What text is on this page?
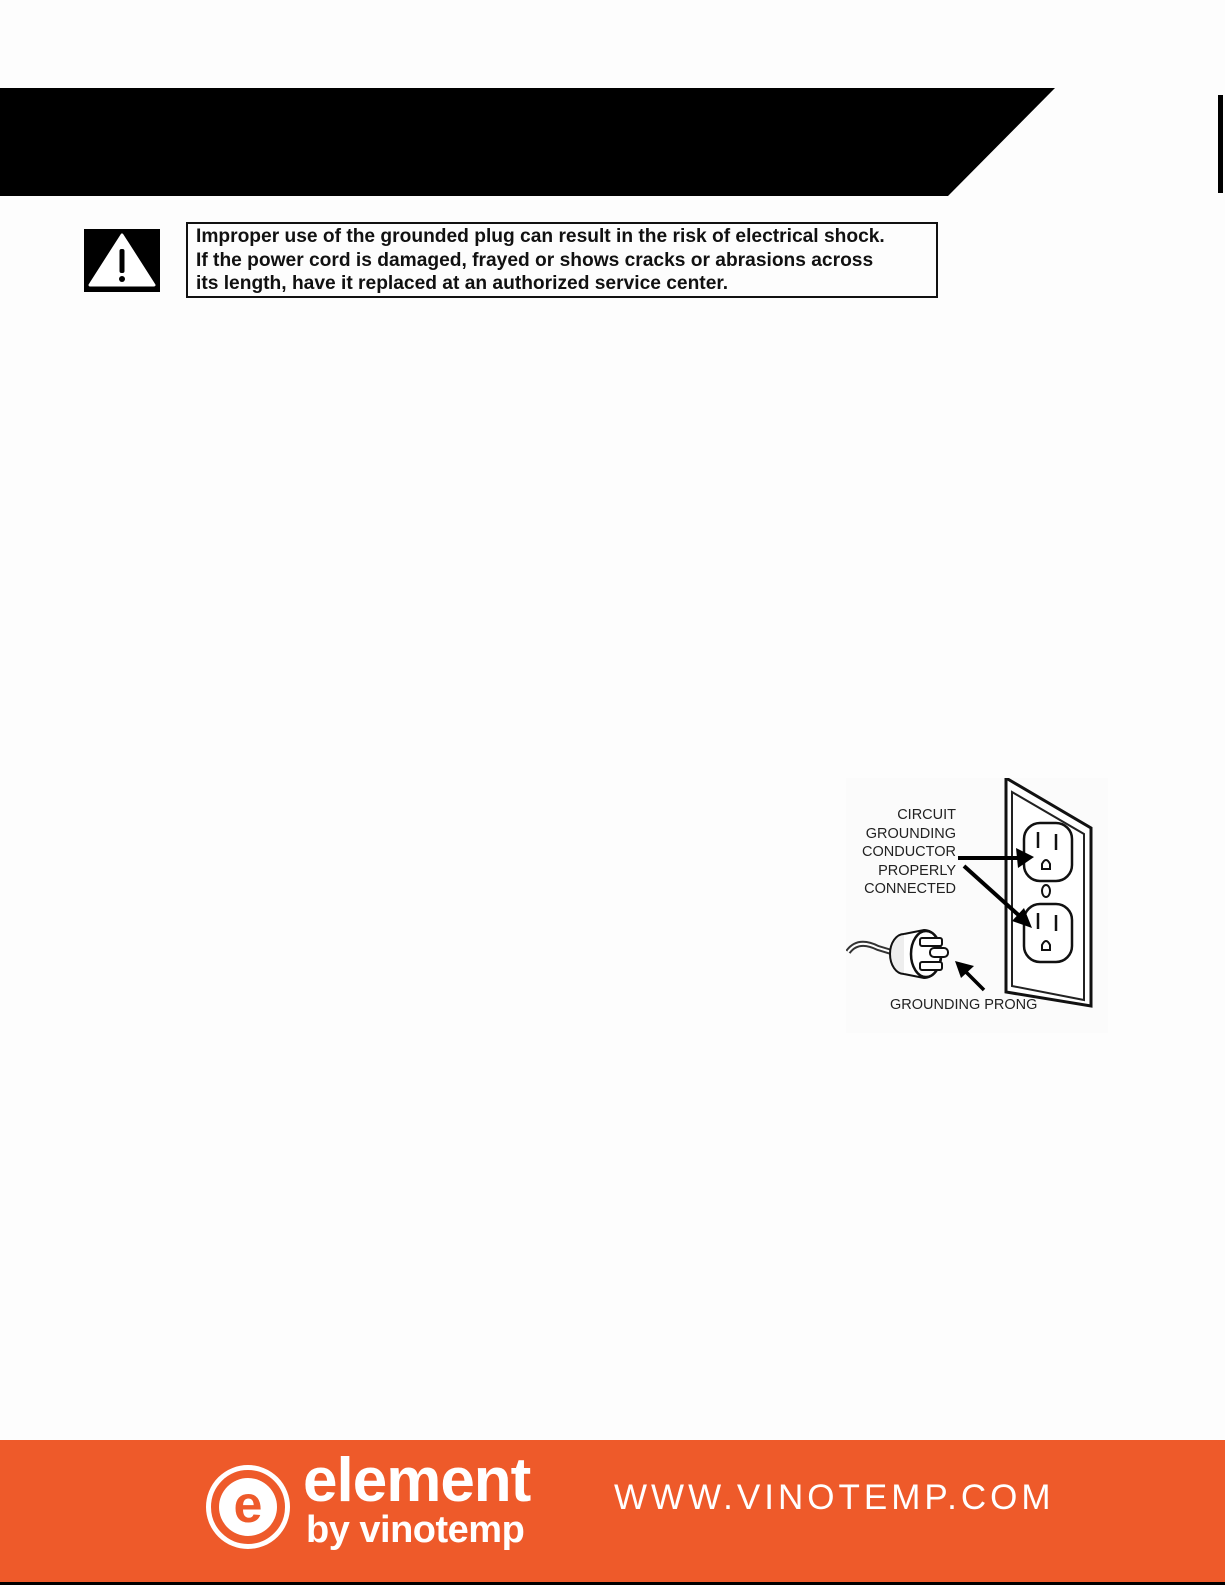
Improper use of the grounded plug can result in the risk of electrical shock.
If the power cord is damaged, frayed or shows cracks or abrasions across
its length, have it replaced at an authorized service center.
CIRCUIT
GROUNDING
CONDUCTOR
PROPERLY
CONNECTED
GROUNDING PRONG
e element
by vinotemp
WWW.VINOTEMP.COM
